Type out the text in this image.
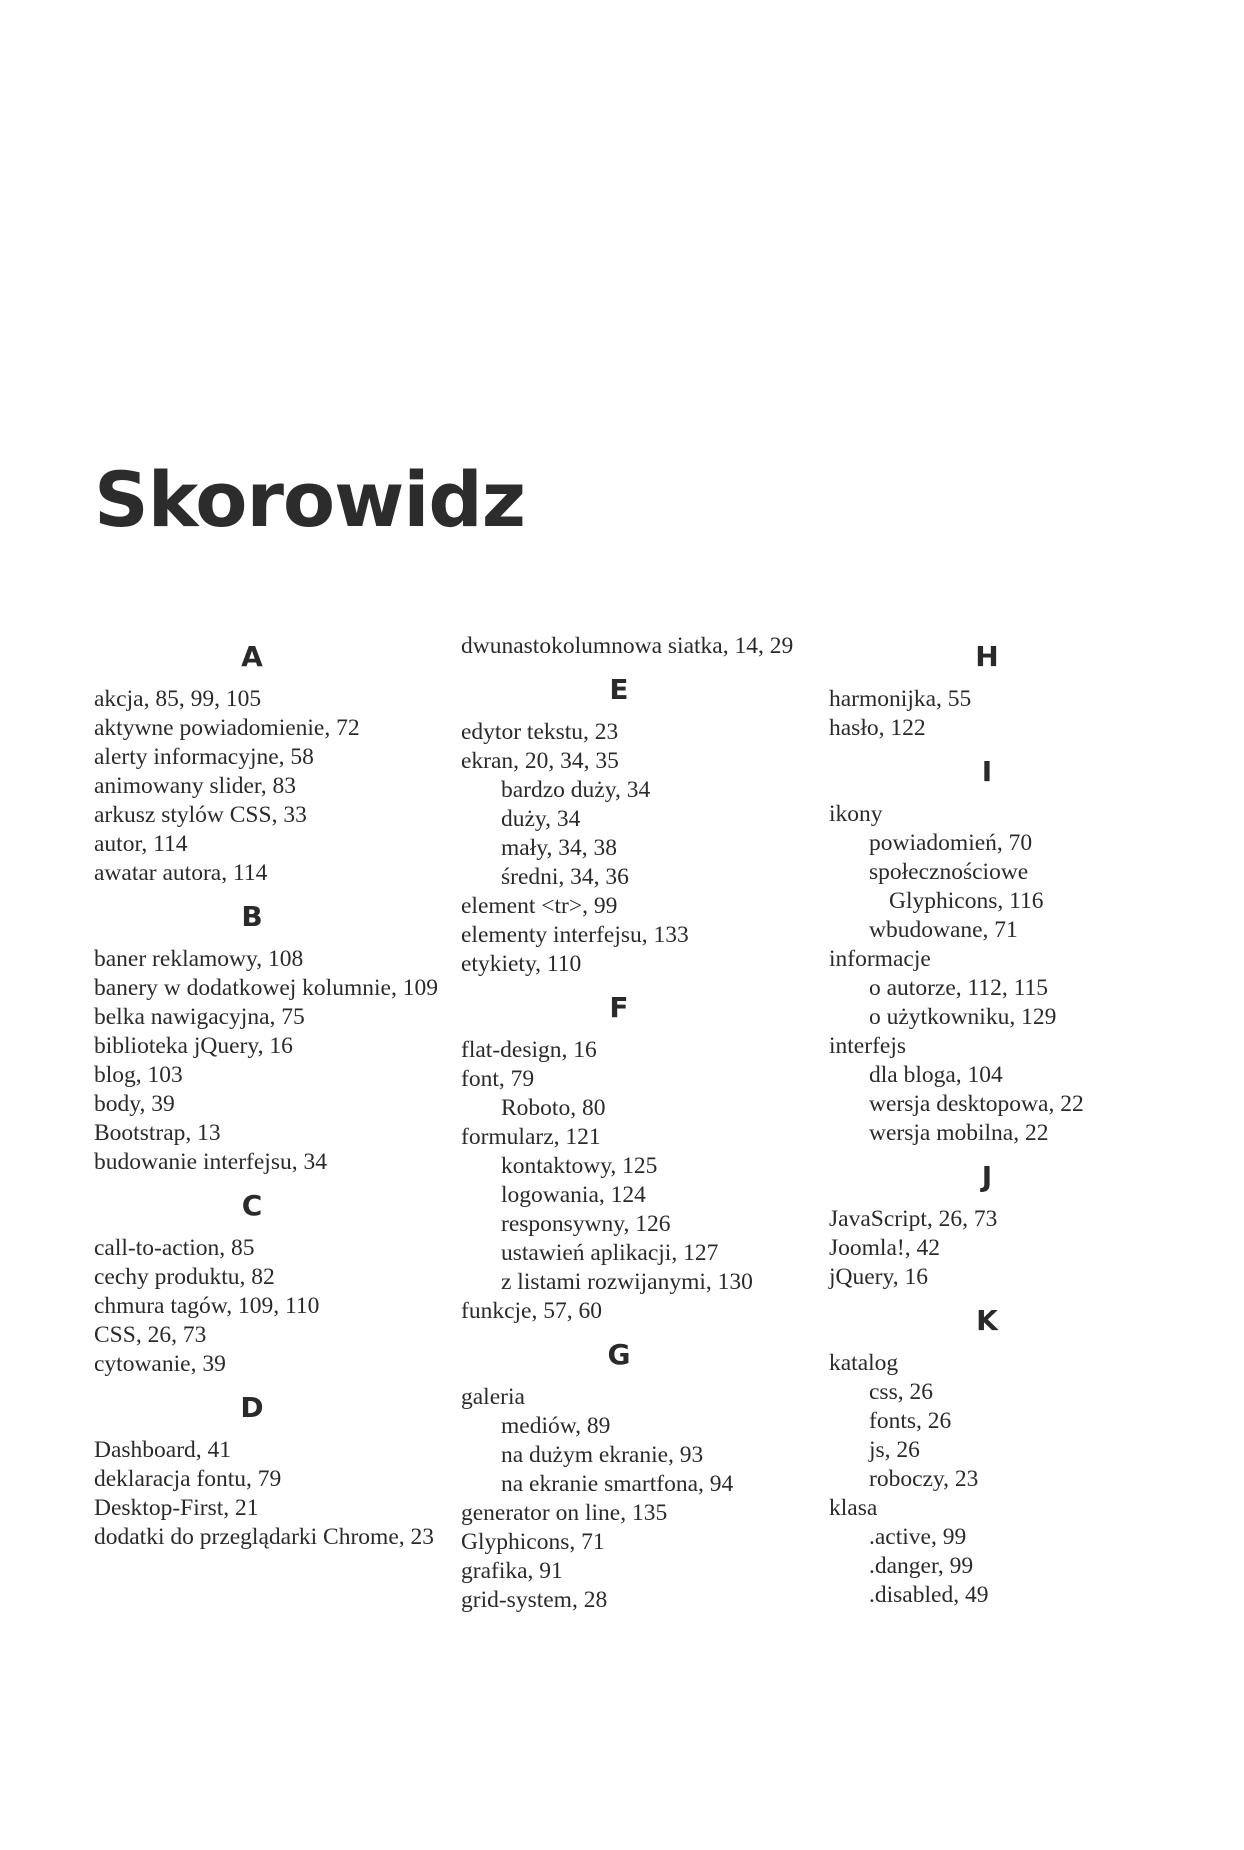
Skorowidz
A
akcja, 85, 99, 105
aktywne powiadomienie, 72
alerty informacyjne, 58
animowany slider, 83
arkusz stylów CSS, 33
autor, 114
awatar autora, 114
B
baner reklamowy, 108
banery w dodatkowej kolumnie, 109
belka nawigacyjna, 75
biblioteka jQuery, 16
blog, 103
body, 39
Bootstrap, 13
budowanie interfejsu, 34
C
call-to-action, 85
cechy produktu, 82
chmura tagów, 109, 110
CSS, 26, 73
cytowanie, 39
D
Dashboard, 41
deklaracja fontu, 79
Desktop-First, 21
dodatki do przeglądarki Chrome, 23
dwunastokolumnowa siatka, 14, 29
E
edytor tekstu, 23
ekran, 20, 34, 35
bardzo duży, 34
duży, 34
mały, 34, 38
średni, 34, 36
element <tr>, 99
elementy interfejsu, 133
etykiety, 110
F
flat-design, 16
font, 79
Roboto, 80
formularz, 121
kontaktowy, 125
logowania, 124
responsywny, 126
ustawień aplikacji, 127
z listami rozwijanymi, 130
funkcje, 57, 60
G
galeria
mediów, 89
na dużym ekranie, 93
na ekranie smartfona, 94
generator on line, 135
Glyphicons, 71
grafika, 91
grid-system, 28
H
harmonijka, 55
hasło, 122
I
ikony
powiadomień, 70
społecznościowe
Glyphicons, 116
wbudowane, 71
informacje
o autorze, 112, 115
o użytkowniku, 129
interfejs
dla bloga, 104
wersja desktopowa, 22
wersja mobilna, 22
J
JavaScript, 26, 73
Joomla!, 42
jQuery, 16
K
katalog
css, 26
fonts, 26
js, 26
roboczy, 23
klasa
.active, 99
.danger, 99
.disabled, 49
